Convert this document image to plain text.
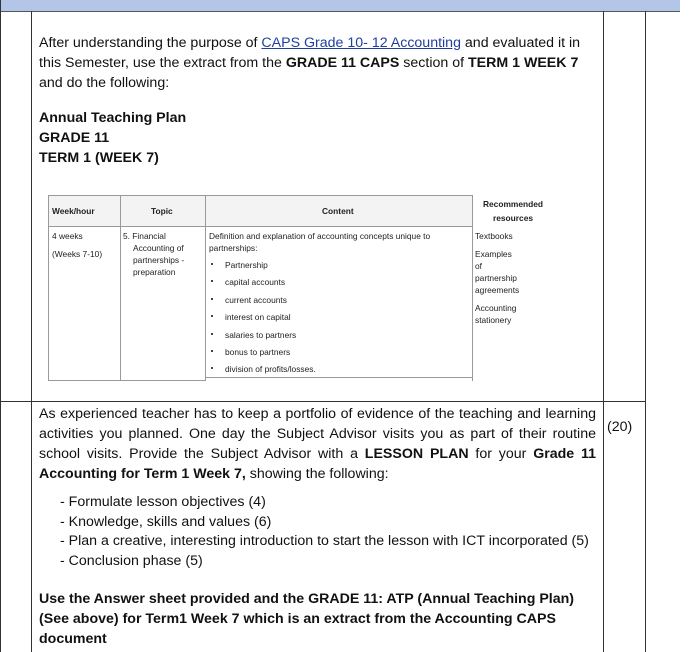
After understanding the purpose of CAPS Grade 10- 12 Accounting and evaluated it in this Semester, use the extract from the GRADE 11 CAPS section of TERM 1 WEEK 7 and do the following:
Annual Teaching Plan
GRADE 11
TERM 1 (WEEK 7)
Week/hour	Topic	Content
Recommended
resources
4 weeks
(Weeks 7-10)
5. Financial
Accounting of
partnerships -
preparation
Definition and explanation of accounting concepts unique to
partnerships:
Partnership
capital accounts
current accounts
interest on capital
salaries to partners
bonus to partners
division of profits/losses.
Textbooks
Examples of
partnership
agreements
Accounting
stationery
As experienced teacher has to keep a portfolio of evidence of the teaching and learning activities you planned. One day the Subject Advisor visits you as part of their routine school visits. Provide the Subject Advisor with a LESSON PLAN for your Grade 11 Accounting for Term 1 Week 7, showing the following:
(20)
- Formulate lesson objectives (4)
- Knowledge, skills and values (6)
- Plan a creative, interesting introduction to start the lesson with ICT incorporated (5)
- Conclusion phase (5)
Use the Answer sheet provided and the GRADE 11: ATP (Annual Teaching Plan) (See above) for Term1 Week 7 which is an extract from the Accounting CAPS document
